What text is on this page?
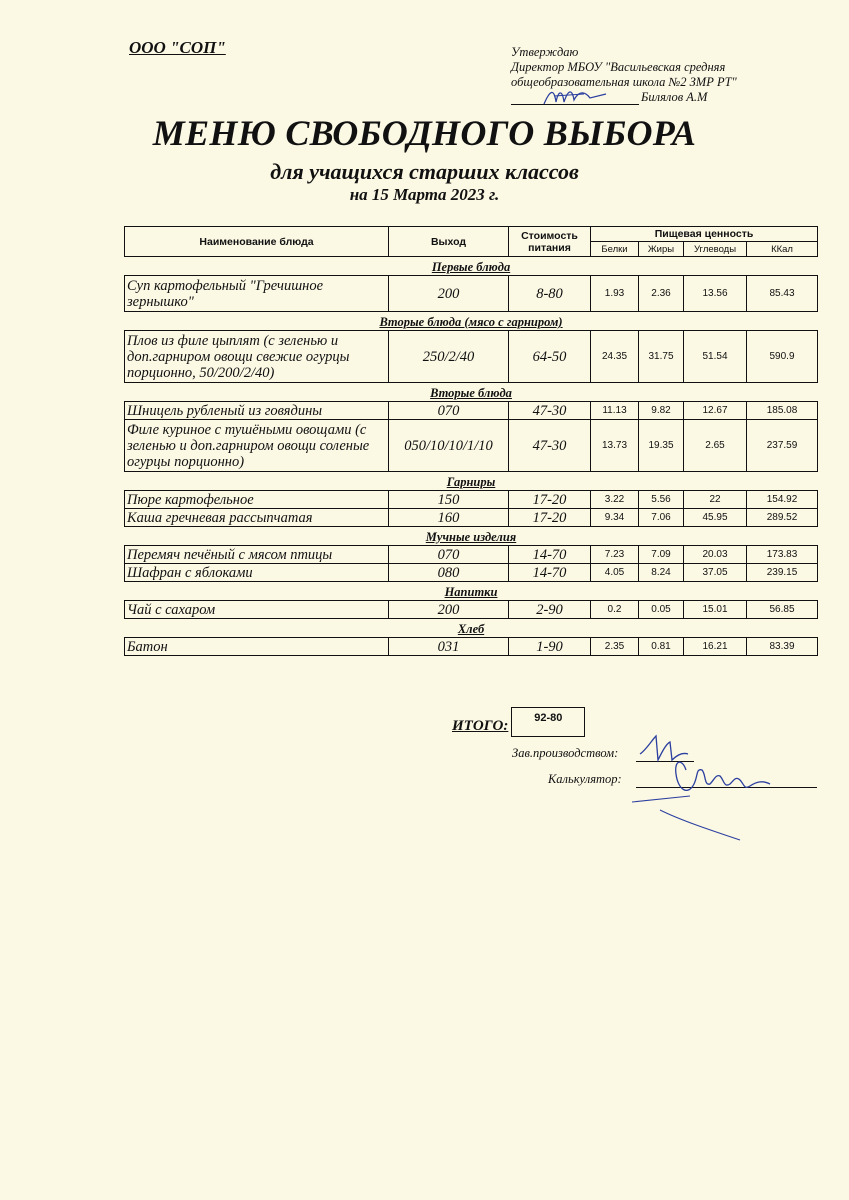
ООО "СОП"	Утверждаю
Директор МБОУ "Васильевская средняя
общеобразовательная школа №2 ЗМР РТ"
Билялов А.М
МЕНЮ СВОБОДНОГО ВЫБОРА
для учащихся старших классов
на 15 Марта 2023 г.
Наименование блюда	Выход	Стоимость питания	Пищевая ценность			
			Белки	Жиры	Углеводы	ККал
Первые блюда						
Суп картофельный "Гречишное зернышко"	200	8-80	1.93	2.36	13.56	85.43
Вторые блюда (мясо с гарниром)						
Плов из филе цыплят (с зеленью и доп.гарниром овощи свежие огурцы порционно, 50/200/2/40)	250/2/40	64-50	24.35	31.75	51.54	590.9
Вторые блюда						
Шницель рубленый из говядины	070	47-30	11.13	9.82	12.67	185.08
Филе куриное с тушёными овощами (с зеленью и доп.гарниром овощи соленые огурцы порционно)	050/10/10/1/10	47-30	13.73	19.35	2.65	237.59
Гарниры						
Пюре картофельное	150	17-20	3.22	5.56	22	154.92
Каша гречневая рассыпчатая	160	17-20	9.34	7.06	45.95	289.52
Мучные изделия						
Перемяч печёный с мясом птицы	070	14-70	7.23	7.09	20.03	173.83
Шафран с яблоками	080	14-70	4.05	8.24	37.05	239.15
Напитки						
Чай с сахаром	200	2-90	0.2	0.05	15.01	56.85
Хлеб						
Батон	031	1-90	2.35	0.81	16.21	83.39
ИТОГО:	92-80
Зав.производством:
Калькулятор:
